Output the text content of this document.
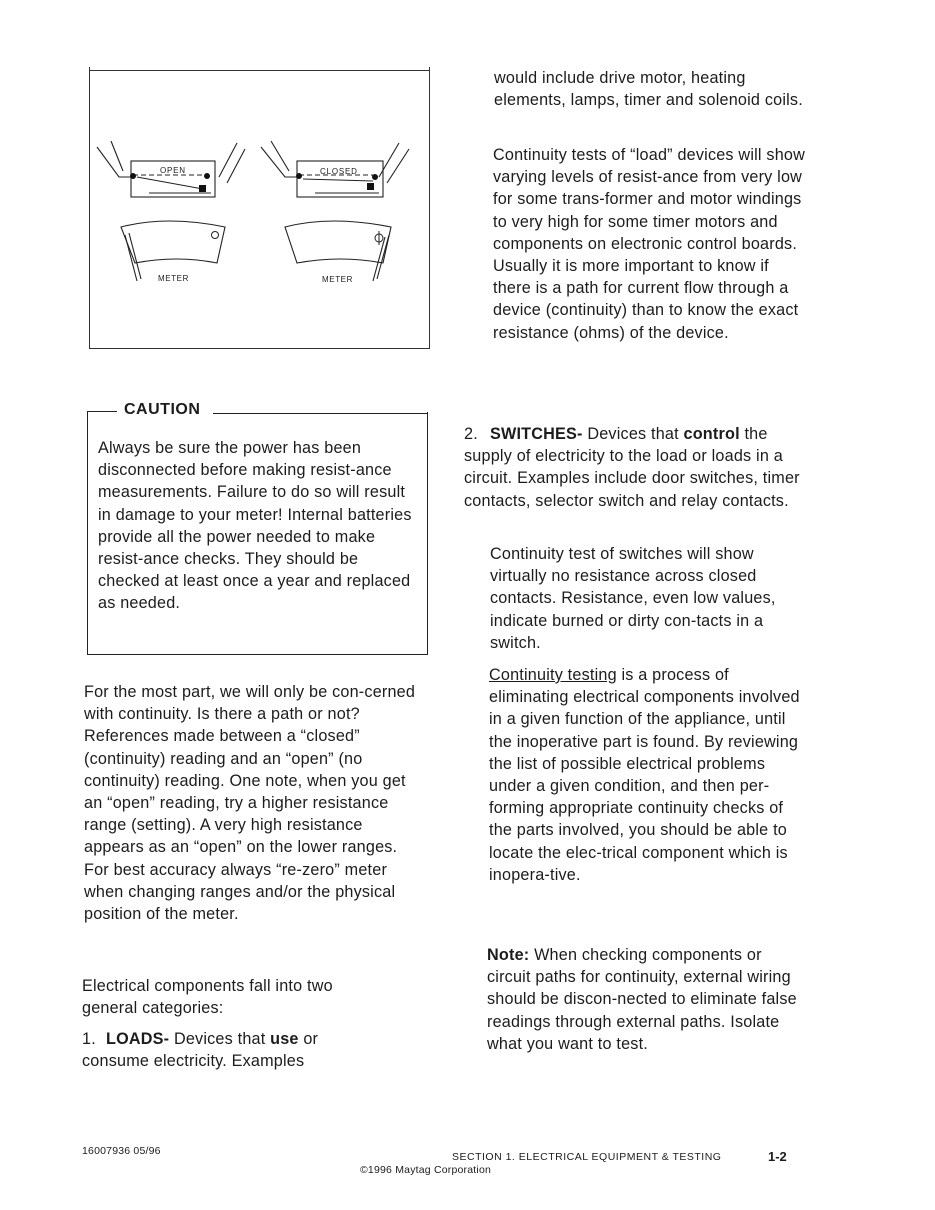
OPEN	CLOSED
METER	METER
CAUTION
Always be sure the power has been disconnected before making resist-ance measurements. Failure to do so will result in damage to your meter! Internal batteries provide all the power needed to make resist-ance checks. They should be checked at least once a year and replaced as needed.
For the most part, we will only be con-cerned with continuity. Is there a path or not? References made between a “closed” (continuity) reading and an “open” (no continuity) reading. One note, when you get an “open” reading, try a higher resistance range (setting). A very high resistance appears as an “open” on the lower ranges. For best accuracy always “re-zero” meter when changing ranges and/or the physical position of the meter.
Electrical components fall into two general categories:
1. LOADS- Devices that use or consume electricity. Examples
would include drive motor, heating elements, lamps, timer and solenoid coils.
Continuity tests of “load” devices will show varying levels of resist-ance from very low for some trans-former and motor windings to very high for some timer motors and components on electronic control boards. Usually it is more important to know if there is a path for current flow through a device (continuity) than to know the exact resistance (ohms) of the device.
2. SWITCHES- Devices that control the supply of electricity to the load or loads in a circuit. Examples include door switches, timer contacts, selector switch and relay contacts.
Continuity test of switches will show virtually no resistance across closed contacts. Resistance, even low values, indicate burned or dirty con-tacts in a switch.
Continuity testing is a process of eliminating electrical components involved in a given function of the appliance, until the inoperative part is found. By reviewing the list of possible electrical problems under a given condition, and then per-forming appropriate continuity checks of the parts involved, you should be able to locate the elec-trical component which is inopera-tive.
Note: When checking components or circuit paths for continuity, external wiring should be discon-nected to eliminate false readings through external paths. Isolate what you want to test.
16007936 05/96	SECTION 1. ELECTRICAL EQUIPMENT & TESTING	1-2
©1996 Maytag Corporation
